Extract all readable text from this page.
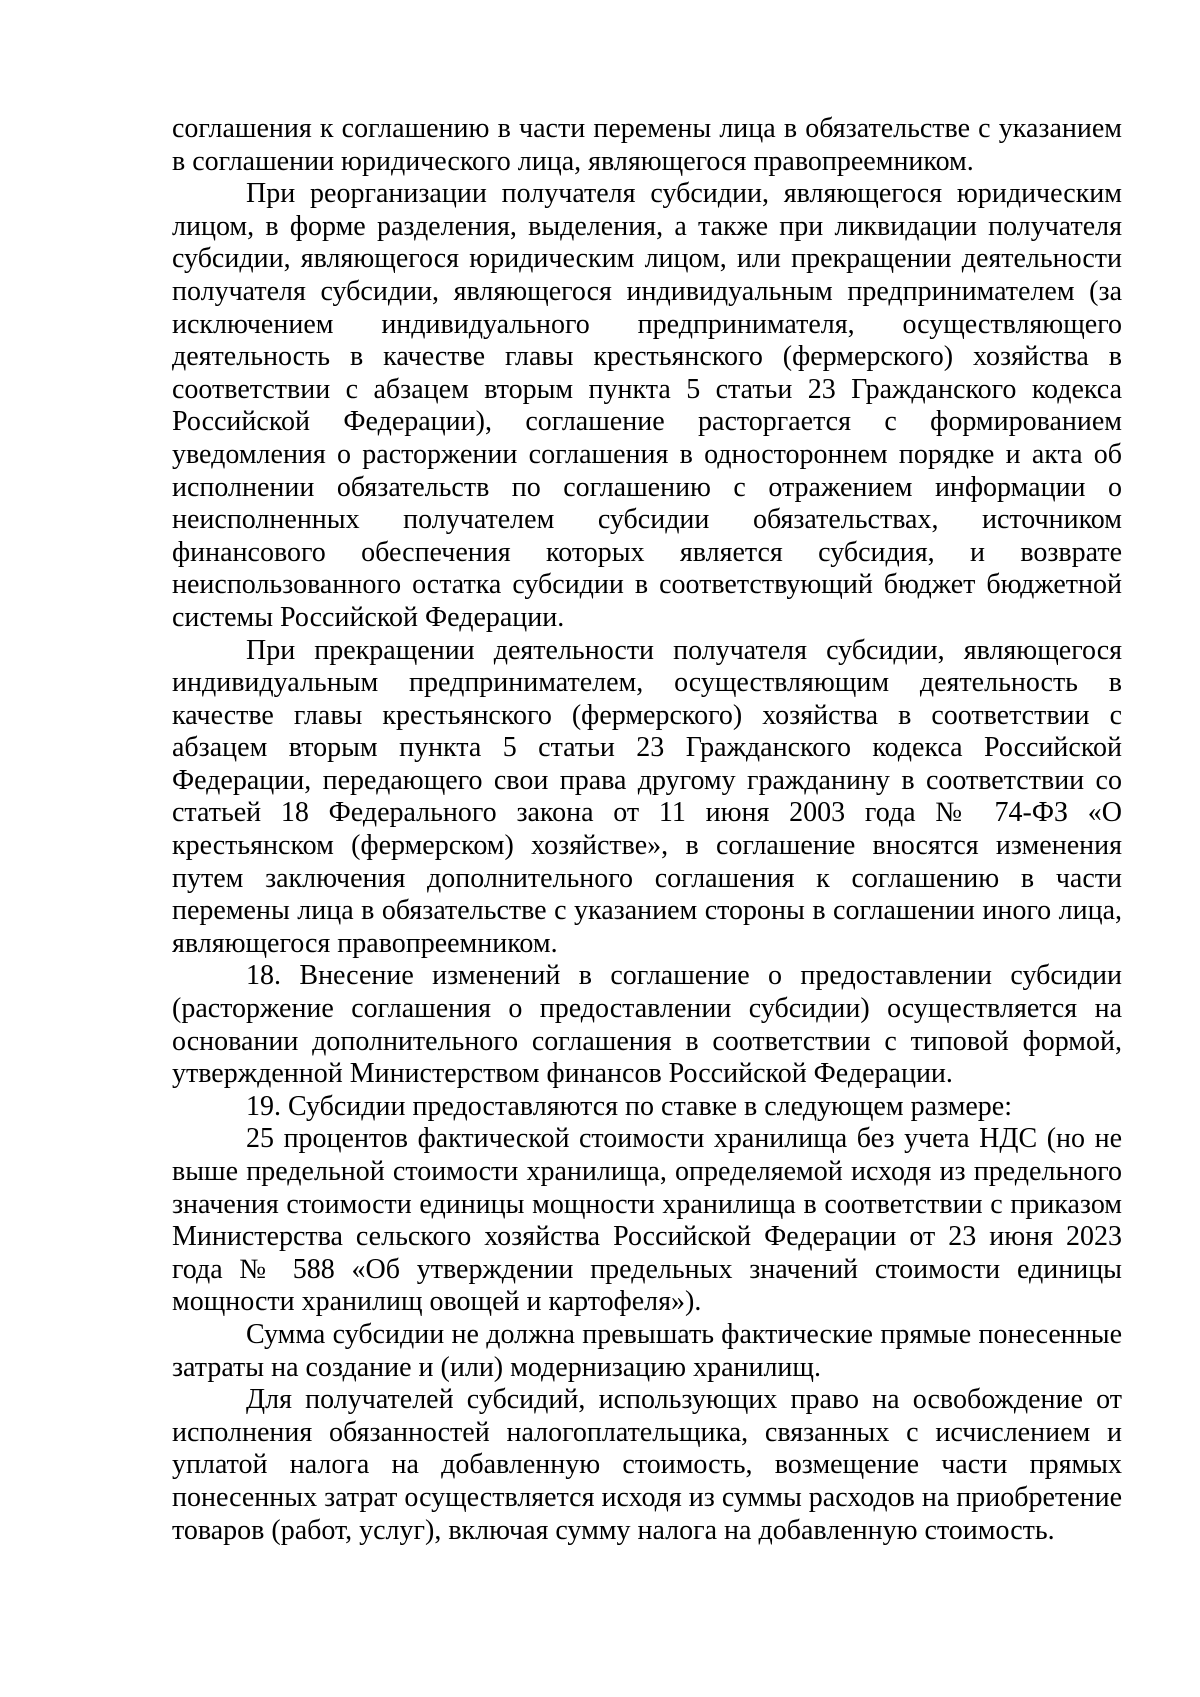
соглашения к соглашению в части перемены лица в обязательстве с указанием в соглашении юридического лица, являющегося правопреемником.

При реорганизации получателя субсидии, являющегося юридическим лицом, в форме разделения, выделения, а также при ликвидации получателя субсидии, являющегося юридическим лицом, или прекращении деятельности получателя субсидии, являющегося индивидуальным предпринимателем (за исключением индивидуального предпринимателя, осуществляющего деятельность в качестве главы крестьянского (фермерского) хозяйства в соответствии с абзацем вторым пункта 5 статьи 23 Гражданского кодекса Российской Федерации), соглашение расторгается с формированием уведомления о расторжении соглашения в одностороннем порядке и акта об исполнении обязательств по соглашению с отражением информации о неисполненных получателем субсидии обязательствах, источником финансового обеспечения которых является субсидия, и возврате неиспользованного остатка субсидии в соответствующий бюджет бюджетной системы Российской Федерации.

При прекращении деятельности получателя субсидии, являющегося индивидуальным предпринимателем, осуществляющим деятельность в качестве главы крестьянского (фермерского) хозяйства в соответствии с абзацем вторым пункта 5 статьи 23 Гражданского кодекса Российской Федерации, передающего свои права другому гражданину в соответствии со статьей 18 Федерального закона от 11 июня 2003 года № 74-ФЗ «О крестьянском (фермерском) хозяйстве», в соглашение вносятся изменения путем заключения дополнительного соглашения к соглашению в части перемены лица в обязательстве с указанием стороны в соглашении иного лица, являющегося правопреемником.

18. Внесение изменений в соглашение о предоставлении субсидии (расторжение соглашения о предоставлении субсидии) осуществляется на основании дополнительного соглашения в соответствии с типовой формой, утвержденной Министерством финансов Российской Федерации.

19. Субсидии предоставляются по ставке в следующем размере:

25 процентов фактической стоимости хранилища без учета НДС (но не выше предельной стоимости хранилища, определяемой исходя из предельного значения стоимости единицы мощности хранилища в соответствии с приказом Министерства сельского хозяйства Российской Федерации от 23 июня 2023 года № 588 «Об утверждении предельных значений стоимости единицы мощности хранилищ овощей и картофеля»).

Сумма субсидии не должна превышать фактические прямые понесенные затраты на создание и (или) модернизацию хранилищ.

Для получателей субсидий, использующих право на освобождение от исполнения обязанностей налогоплательщика, связанных с исчислением и уплатой налога на добавленную стоимость, возмещение части прямых понесенных затрат осуществляется исходя из суммы расходов на приобретение товаров (работ, услуг), включая сумму налога на добавленную стоимость.
